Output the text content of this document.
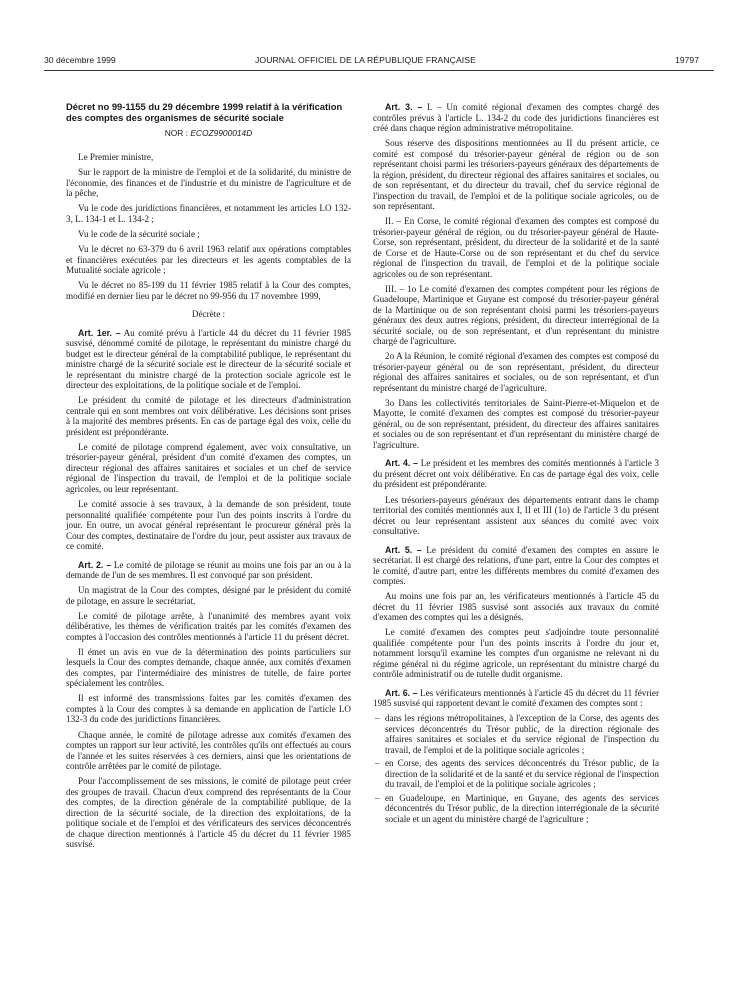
30 décembre 1999	JOURNAL OFFICIEL DE LA RÉPUBLIQUE FRANÇAISE	19797

Décret no 99-1155 du 29 décembre 1999 relatif à la vérification des comptes des organismes de sécurité sociale

NOR : ECOZ9900014D

Le Premier ministre,

Sur le rapport de la ministre de l'emploi et de la solidarité, du ministre de l'économie, des finances et de l'industrie et du ministre de l'agriculture et de la pêche,

Vu le code des juridictions financières, et notamment les articles LO 132-3, L. 134-1 et L. 134-2 ;

Vu le code de la sécurité sociale ;

Vu le décret no 63-379 du 6 avril 1963 relatif aux opérations comptables et financières exécutées par les directeurs et les agents comptables de la Mutualité sociale agricole ;

Vu le décret no 85-199 du 11 février 1985 relatif à la Cour des comptes, modifié en dernier lieu par le décret no 99-956 du 17 novembre 1999,

Décrète :

Art. 1er. – Au comité prévu à l'article 44 du décret du 11 février 1985 susvisé, dénommé comité de pilotage, le représentant du ministre chargé du budget est le directeur général de la comptabilité publique, le représentant du ministre chargé de la sécurité sociale est le directeur de la sécurité sociale et le représentant du ministre chargé de la protection sociale agricole est le directeur des exploitations, de la politique sociale et de l'emploi.

Le président du comité de pilotage et les directeurs d'administration centrale qui en sont membres ont voix délibérative. Les décisions sont prises à la majorité des membres présents. En cas de partage égal des voix, celle du président est prépondérante.

Le comité de pilotage comprend également, avec voix consultative, un trésorier-payeur général, président d'un comité d'examen des comptes, un directeur régional des affaires sanitaires et sociales et un chef de service régional de l'inspection du travail, de l'emploi et de la politique sociale agricoles, ou leur représentant.

Le comité associe à ses travaux, à la demande de son président, toute personnalité qualifiée compétente pour l'un des points inscrits à l'ordre du jour. En outre, un avocat général représentant le procureur général près la Cour des comptes, destinataire de l'ordre du jour, peut assister aux travaux de ce comité.

Art. 2. – Le comité de pilotage se réunit au moins une fois par an ou à la demande de l'un de ses membres. Il est convoqué par son président.

Un magistrat de la Cour des comptes, désigné par le président du comité de pilotage, en assure le secrétariat.

Le comité de pilotage arrête, à l'unanimité des membres ayant voix délibérative, les thèmes de vérification traités par les comités d'examen des comptes à l'occasion des contrôles mentionnés à l'article 11 du présent décret.

Il émet un avis en vue de la détermination des points particuliers sur lesquels la Cour des comptes demande, chaque année, aux comités d'examen des comptes, par l'intermédiaire des ministres de tutelle, de faire porter spécialement les contrôles.

Il est informé des transmissions faites par les comités d'examen des comptes à la Cour des comptes à sa demande en application de l'article LO 132-3 du code des juridictions financières.

Chaque année, le comité de pilotage adresse aux comités d'examen des comptes un rapport sur leur activité, les contrôles qu'ils ont effectués au cours de l'année et les suites réservées à ces derniers, ainsi que les orientations de contrôle arrêtées par le comité de pilotage.

Pour l'accomplissement de ses missions, le comité de pilotage peut créer des groupes de travail. Chacun d'eux comprend des représentants de la Cour des comptes, de la direction générale de la comptabilité publique, de la direction de la sécurité sociale, de la direction des exploitations, de la politique sociale et de l'emploi et des vérificateurs des services déconcentrés de chaque direction mentionnés à l'article 45 du décret du 11 février 1985 susvisé.

Art. 3. – I. – Un comité régional d'examen des comptes chargé des contrôles prévus à l'article L. 134-2 du code des juridictions financières est créé dans chaque région administrative métropolitaine.

Sous réserve des dispositions mentionnées au II du présent article, ce comité est composé du trésorier-payeur général de région ou de son représentant choisi parmi les trésoriers-payeurs généraux des départements de la région, président, du directeur régional des affaires sanitaires et sociales, ou de son représentant, et du directeur du travail, chef du service régional de l'inspection du travail, de l'emploi et de la politique sociale agricoles, ou de son représentant.

II. – En Corse, le comité régional d'examen des comptes est composé du trésorier-payeur général de région, ou du trésorier-payeur général de Haute-Corse, son représentant, président, du directeur de la solidarité et de la santé de Corse et de Haute-Corse ou de son représentant et du chef du service régional de l'inspection du travail, de l'emploi et de la politique sociale agricoles ou de son représentant.

III. – 1o Le comité d'examen des comptes compétent pour les régions de Guadeloupe, Martinique et Guyane est composé du trésorier-payeur général de la Martinique ou de son représentant choisi parmi les trésoriers-payeurs généraux des deux autres régions, président, du directeur interrégional de la sécurité sociale, ou de son représentant, et d'un représentant du ministre chargé de l'agriculture.

2o A la Réunion, le comité régional d'examen des comptes est composé du trésorier-payeur général ou de son représentant, président, du directeur régional des affaires sanitaires et sociales, ou de son représentant, et d'un représentant du ministre chargé de l'agriculture.

3o Dans les collectivités territoriales de Saint-Pierre-et-Miquelon et de Mayotte, le comité d'examen des comptes est composé du trésorier-payeur général, ou de son représentant, président, du directeur des affaires sanitaires et sociales ou de son représentant et d'un représentant du ministère chargé de l'agriculture.

Art. 4. – Le président et les membres des comités mentionnés à l'article 3 du présent décret ont voix délibérative. En cas de partage égal des voix, celle du président est prépondérante.

Les trésoriers-payeurs généraux des départements entrant dans le champ territorial des comités mentionnés aux I, II et III (1o) de l'article 3 du présent décret ou leur représentant assistent aux séances du comité avec voix consultative.

Art. 5. – Le président du comité d'examen des comptes en assure le secrétariat. Il est chargé des relations, d'une part, entre la Cour des comptes et le comité, d'autre part, entre les différents membres du comité d'examen des comptes.

Au moins une fois par an, les vérificateurs mentionnés à l'article 45 du décret du 11 février 1985 susvisé sont associés aux travaux du comité d'examen des comptes qui les a désignés.

Le comité d'examen des comptes peut s'adjoindre toute personnalité qualifiée compétente pour l'un des points inscrits à l'ordre du jour et, notamment lorsqu'il examine les comptes d'un organisme ne relevant ni du régime général ni du régime agricole, un représentant du ministre chargé du contrôle administratif ou de tutelle dudit organisme.

Art. 6. – Les vérificateurs mentionnés à l'article 45 du décret du 11 février 1985 susvisé qui rapportent devant le comité d'examen des comptes sont :

– dans les régions métropolitaines, à l'exception de la Corse, des agents des services déconcentrés du Trésor public, de la direction régionale des affaires sanitaires et sociales et du service régional de l'inspection du travail, de l'emploi et de la politique sociale agricoles ;
– en Corse, des agents des services déconcentrés du Trésor public, de la direction de la solidarité et de la santé et du service régional de l'inspection du travail, de l'emploi et de la politique sociale agricoles ;
– en Guadeloupe, en Martinique, en Guyane, des agents des services déconcentrés du Trésor public, de la direction interrégionale de la sécurité sociale et un agent du ministère chargé de l'agriculture ;
